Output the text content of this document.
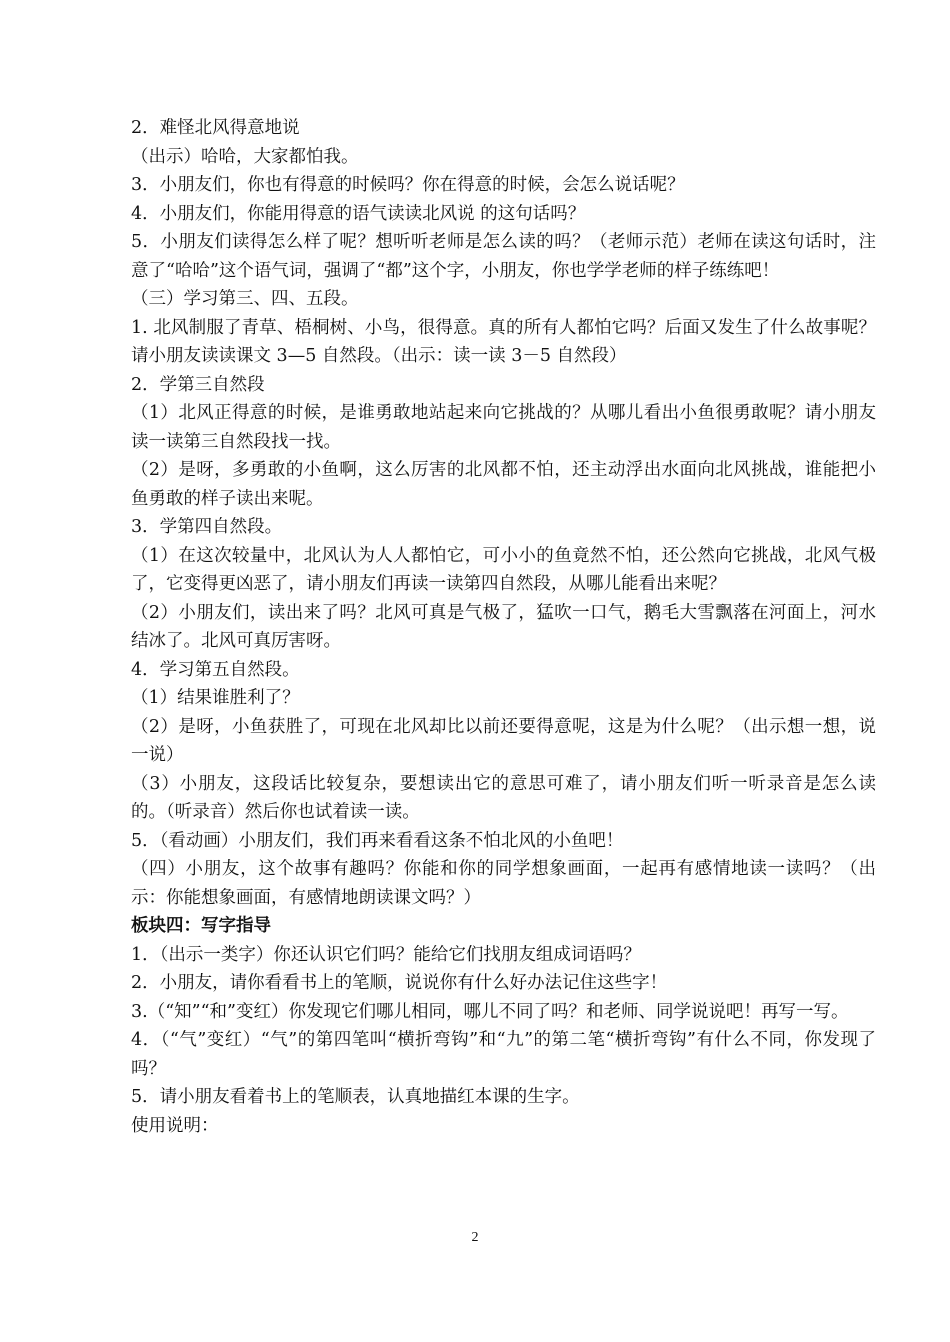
2．难怪北风得意地说

（出示）哈哈，大家都怕我。

3．小朋友们，你也有得意的时候吗？你在得意的时候，会怎么说话呢？

4．小朋友们，你能用得意的语气读读北风说 的这句话吗？

5．小朋友们读得怎么样了呢？想听听老师是怎么读的吗？（老师示范）老师在读这句话时，注意了“哈哈”这个语气词，强调了“都”这个字，小朋友，你也学学老师的样子练练吧！

（三）学习第三、四、五段。

1. 北风制服了青草、梧桐树、小鸟，很得意。真的所有人都怕它吗？后面又发生了什么故事呢？请小朋友读读课文 3—5 自然段。（出示：读一读 3－5 自然段）

2．学第三自然段

（1）北风正得意的时候，是谁勇敢地站起来向它挑战的？从哪儿看出小鱼很勇敢呢？请小朋友读一读第三自然段找一找。

（2）是呀，多勇敢的小鱼啊，这么厉害的北风都不怕，还主动浮出水面向北风挑战，谁能把小鱼勇敢的样子读出来呢。

3．学第四自然段。

（1）在这次较量中，北风认为人人都怕它，可小小的鱼竟然不怕，还公然向它挑战，北风气极了，它变得更凶恶了，请小朋友们再读一读第四自然段，从哪儿能看出来呢？

（2）小朋友们，读出来了吗？北风可真是气极了，猛吹一口气，鹅毛大雪飘落在河面上，河水结冰了。北风可真厉害呀。

4．学习第五自然段。

（1）结果谁胜利了？

（2）是呀，小鱼获胜了，可现在北风却比以前还要得意呢，这是为什么呢？（出示想一想，说一说）

（3）小朋友，这段话比较复杂，要想读出它的意思可难了，请小朋友们听一听录音是怎么读的。（听录音）然后你也试着读一读。

5．（看动画）小朋友们，我们再来看看这条不怕北风的小鱼吧！

（四）小朋友，这个故事有趣吗？你能和你的同学想象画面，一起再有感情地读一读吗？（出示：你能想象画面，有感情地朗读课文吗？）

板块四：写字指导

1．（出示一类字）你还认识它们吗？能给它们找朋友组成词语吗？

2．小朋友，请你看看书上的笔顺，说说你有什么好办法记住这些字！

3.（“知”“和”变红）你发现它们哪儿相同，哪儿不同了吗？和老师、同学说说吧！再写一写。

4．（“气”变红）“气”的第四笔叫“横折弯钩”和“九”的第二笔“横折弯钩”有什么不同，你发现了吗？

5．请小朋友看着书上的笔顺表，认真地描红本课的生字。

使用说明：

2
